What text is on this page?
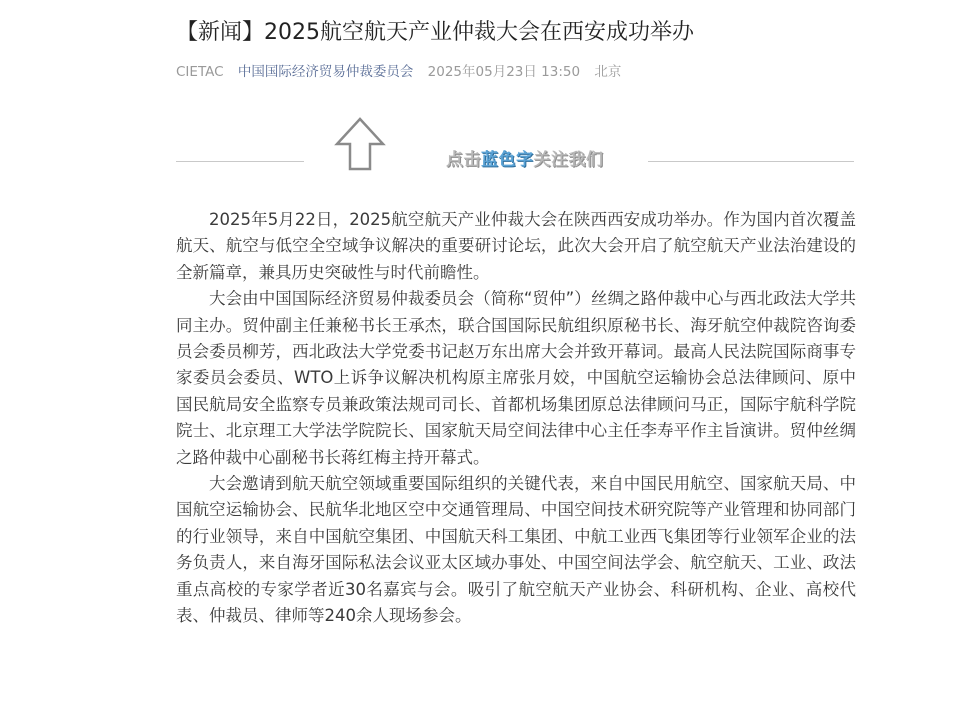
【新闻】2025航空航天产业仲裁大会在西安成功举办
CIETAC 中国国际经济贸易仲裁委员会 2025年05月23日 13:50 北京
点击蓝色字关注我们

2025年5月22日，2025航空航天产业仲裁大会在陕西西安成功举办。作为国内首次覆盖航天、航空与低空全空域争议解决的重要研讨论坛，此次大会开启了航空航天产业法治建设的全新篇章，兼具历史突破性与时代前瞻性。

大会由中国国际经济贸易仲裁委员会（简称“贸仲”）丝绸之路仲裁中心与西北政法大学共同主办。贸仲副主任兼秘书长王承杰，联合国国际民航组织原秘书长、海牙航空仲裁院咨询委员会委员柳芳，西北政法大学党委书记赵万东出席大会并致开幕词。最高人民法院国际商事专家委员会委员、WTO上诉争议解决机构原主席张月姣，中国航空运输协会总法律顾问、原中国民航局安全监察专员兼政策法规司司长、首都机场集团原总法律顾问马正，国际宇航科学院院士、北京理工大学法学院院长、国家航天局空间法律中心主任李寿平作主旨演讲。贸仲丝绸之路仲裁中心副秘书长蒋红梅主持开幕式。

大会邀请到航天航空领域重要国际组织的关键代表，来自中国民用航空、国家航天局、中国航空运输协会、民航华北地区空中交通管理局、中国空间技术研究院等产业管理和协同部门的行业领导，来自中国航空集团、中国航天科工集团、中航工业西飞集团等行业领军企业的法务负责人，来自海牙国际私法会议亚太区域办事处、中国空间法学会、航空航天、工业、政法重点高校的专家学者近30名嘉宾与会。吸引了航空航天产业协会、科研机构、企业、高校代表、仲裁员、律师等240余人现场参会。
